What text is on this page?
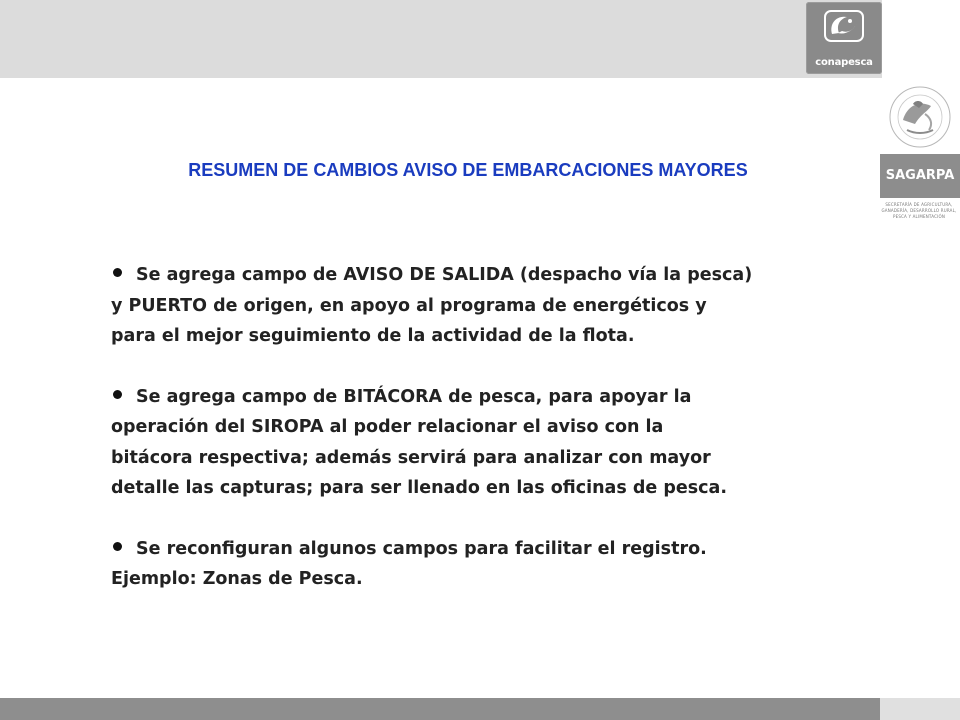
conapesca
SAGARPA
SECRETARÍA DE AGRICULTURA, GANADERÍA, DESARROLLO RURAL, PESCA Y ALIMENTACIÓN
RESUMEN DE CAMBIOS AVISO DE EMBARCACIONES MAYORES

Se agrega campo de AVISO DE SALIDA (despacho vía la pesca)
y PUERTO de origen, en apoyo al programa de energéticos y
para el mejor seguimiento de la actividad de la flota.

Se agrega campo de BITÁCORA de pesca, para apoyar la
operación del SIROPA al poder relacionar el aviso con la
bitácora respectiva; además servirá para analizar con mayor
detalle las capturas; para ser llenado en las oficinas de pesca.

Se reconfiguran algunos campos para facilitar el registro.
Ejemplo: Zonas de Pesca.
